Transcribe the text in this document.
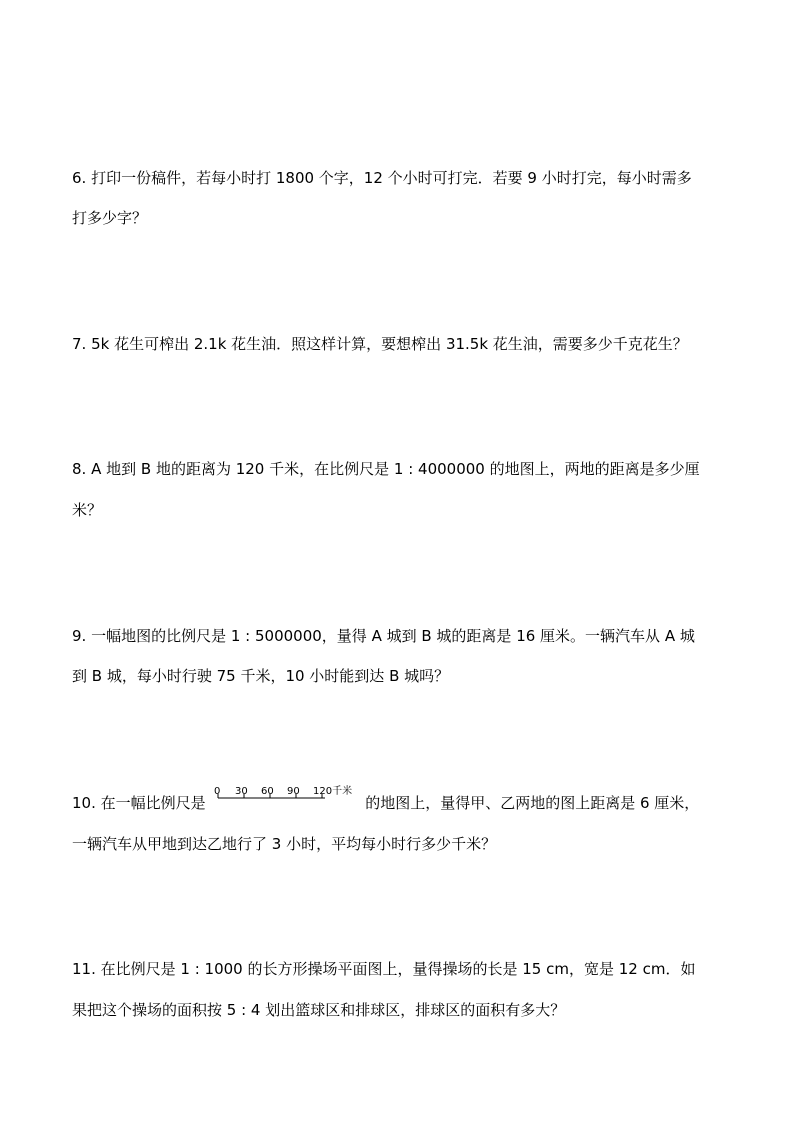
6. 打印一份稿件，若每小时打 1800 个字，12 个小时可打完．若要 9 小时打完，每小时需多
打多少字？
7. 5k 花生可榨出 2.1k 花生油．照这样计算，要想榨出 31.5k 花生油，需要多少千克花生？
8. A 地到 B 地的距离为 120 千米，在比例尺是 1 : 4000000 的地图上，两地的距离是多少厘
米？
9. 一幅地图的比例尺是 1 : 5000000，量得 A 城到 B 城的距离是 16 厘米。一辆汽车从 A 城
到 B 城，每小时行驶 75 千米，10 小时能到达 B 城吗？
10. 在一幅比例尺是
0 30 60 90 120千米
的地图上，量得甲、乙两地的图上距离是 6 厘米，
一辆汽车从甲地到达乙地行了 3 小时，平均每小时行多少千米？
11. 在比例尺是 1 : 1000 的长方形操场平面图上，量得操场的长是 15 cm，宽是 12 cm．如
果把这个操场的面积按 5 : 4 划出篮球区和排球区，排球区的面积有多大？
